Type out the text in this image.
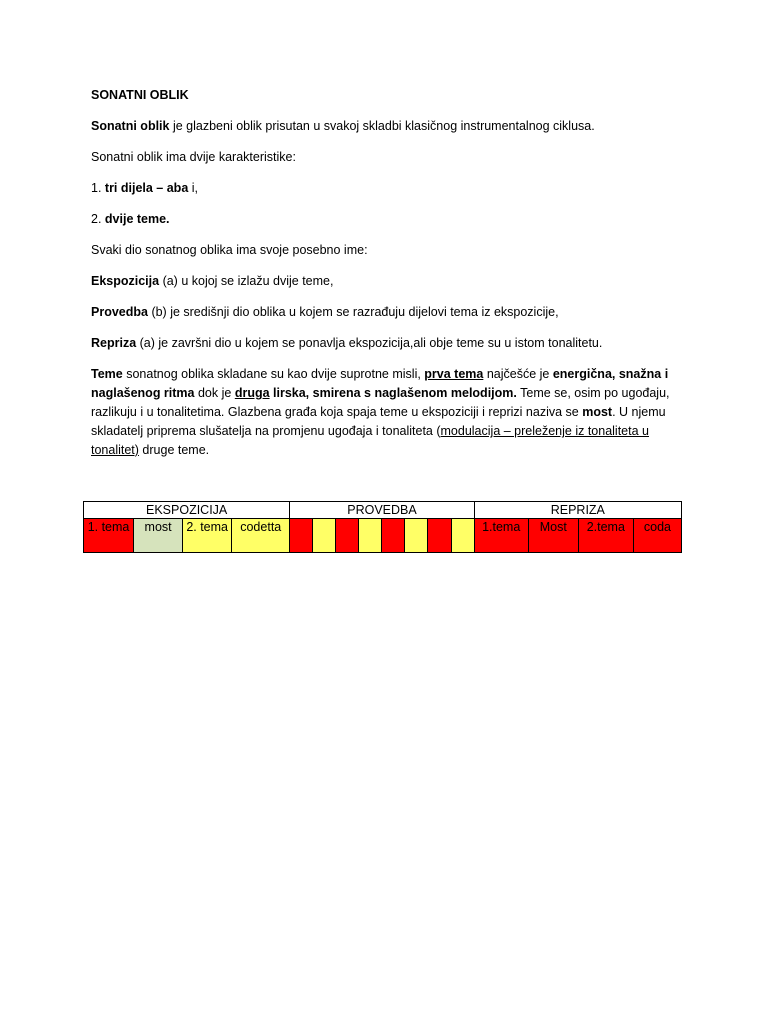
SONATNI OBLIK

Sonatni oblik je glazbeni oblik prisutan u svakoj skladbi klasičnog instrumentalnog ciklusa.

Sonatni oblik ima dvije karakteristike:

1. tri dijela – aba i,

2. dvije teme.

Svaki dio sonatnog oblika ima svoje posebno ime:

Ekspozicija (a) u kojoj se izlažu dvije teme,

Provedba (b) je središnji dio oblika u kojem se razrađuju dijelovi tema iz ekspozicije,

Repriza (a) je završni dio u kojem se ponavlja ekspozicija,ali obje teme su u istom tonalitetu.

Teme sonatnog oblika skladane su kao dvije suprotne misli, prva tema najčešće je energična, snažna i naglašenog ritma dok je druga lirska, smirena s naglašenom melodijom. Teme se, osim po ugođaju, razlikuju i u tonalitetima. Glazbena građa koja spaja teme u ekspoziciji i reprizi naziva se most. U njemu skladatelj priprema slušatelja na promjenu ugođaja i tonaliteta (modulacija – preleženje iz tonaliteta u tonalitet) druge teme.

EKSPOZICIJA				PROVEDBA								REPRIZA			
1. tema	most	2. tema	codetta									1.tema	Most	2.tema	coda
